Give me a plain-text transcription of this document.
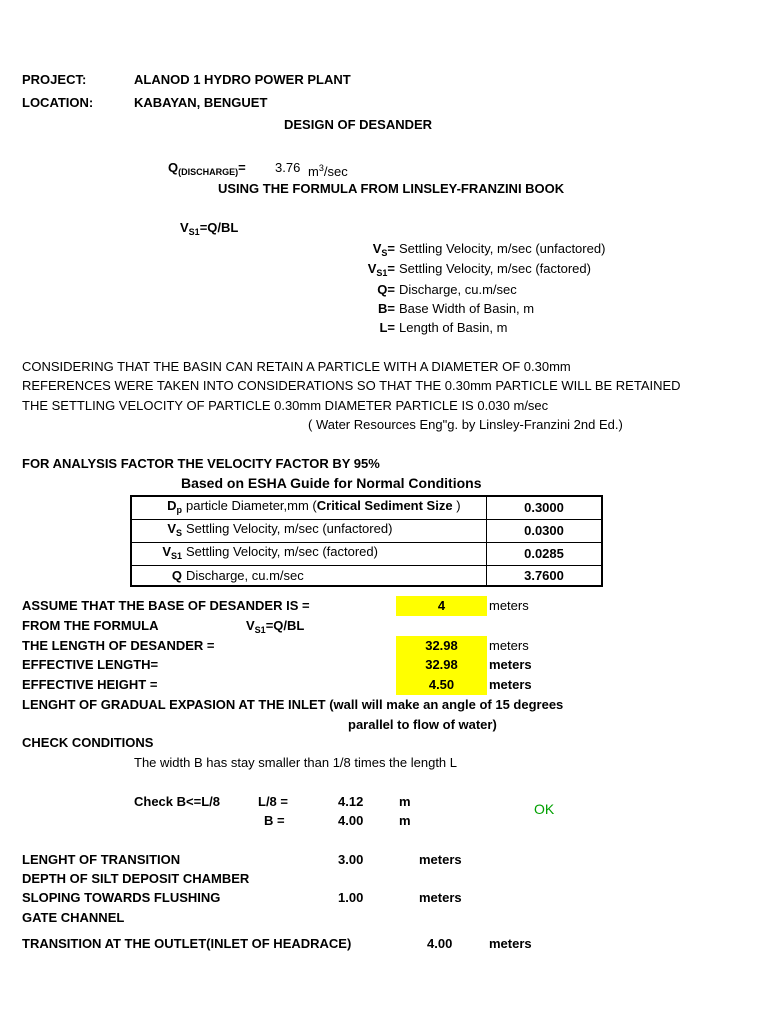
PROJECT:	ALANOD 1 HYDRO POWER PLANT
LOCATION:	KABAYAN, BENGUET
DESIGN OF DESANDER
$Q_{(DISCHARGE)}= 3.76$ $m^3/\sec$
USING THE FORMULA FROM LINSLEY-FRANZINI BOOK
$V_{S1}=Q/BL$
$V_S=$ Settling Velocity, m/sec (unfactored)
$V_{S1}=$ Settling Velocity, m/sec (factored)
Q= Discharge, cu.m/sec
B= Base Width of Basin, m
L= Length of Basin, m
CONSIDERING THAT THE BASIN CAN RETAIN A PARTICLE WITH A DIAMETER OF 0.30mm
REFERENCES WERE TAKEN INTO CONSIDERATIONS SO THAT THE 0.30mm PARTICLE WILL BE RETAINED
THE SETTLING VELOCITY OF PARTICLE 0.30mm DIAMETER PARTICLE IS 0.030 m/sec
( Water Resources Eng"g. by Linsley-Franzini 2nd Ed.)
FOR ANALYSIS FACTOR THE VELOCITY FACTOR BY 95%
Based on ESHA Guide for Normal Conditions
$D_p$ particle Diameter,mm (Critical Sediment Size )	0.3000
$V_S$ Settling Velocity, m/sec (unfactored)	0.0300
$V_{S1}$ Settling Velocity, m/sec (factored)	0.0285
Q Discharge, cu.m/sec	3.7600
ASSUME THAT THE BASE OF DESANDER IS =	4	meters
FROM THE FORMULA	$V_{S1}=Q/BL$
THE LENGTH OF DESANDER =	32.98	meters
EFFECTIVE LENGTH=	32.98	meters
EFFECTIVE HEIGHT =	4.50	meters
LENGHT OF GRADUAL EXPASION AT THE INLET (wall will make an angle of 15 degrees
parallel to flow of water)
CHECK CONDITIONS
The width B has stay smaller than 1/8 times the length L
Check B<=L/8	L/8 =	4.12	m	OK
B =	4.00	m
LENGHT OF TRANSITION	3.00	meters
DEPTH OF SILT DEPOSIT CHAMBER
SLOPING TOWARDS FLUSHING	1.00	meters
GATE CHANNEL
TRANSITION AT THE OUTLET(INLET OF HEADRACE)	4.00	meters
